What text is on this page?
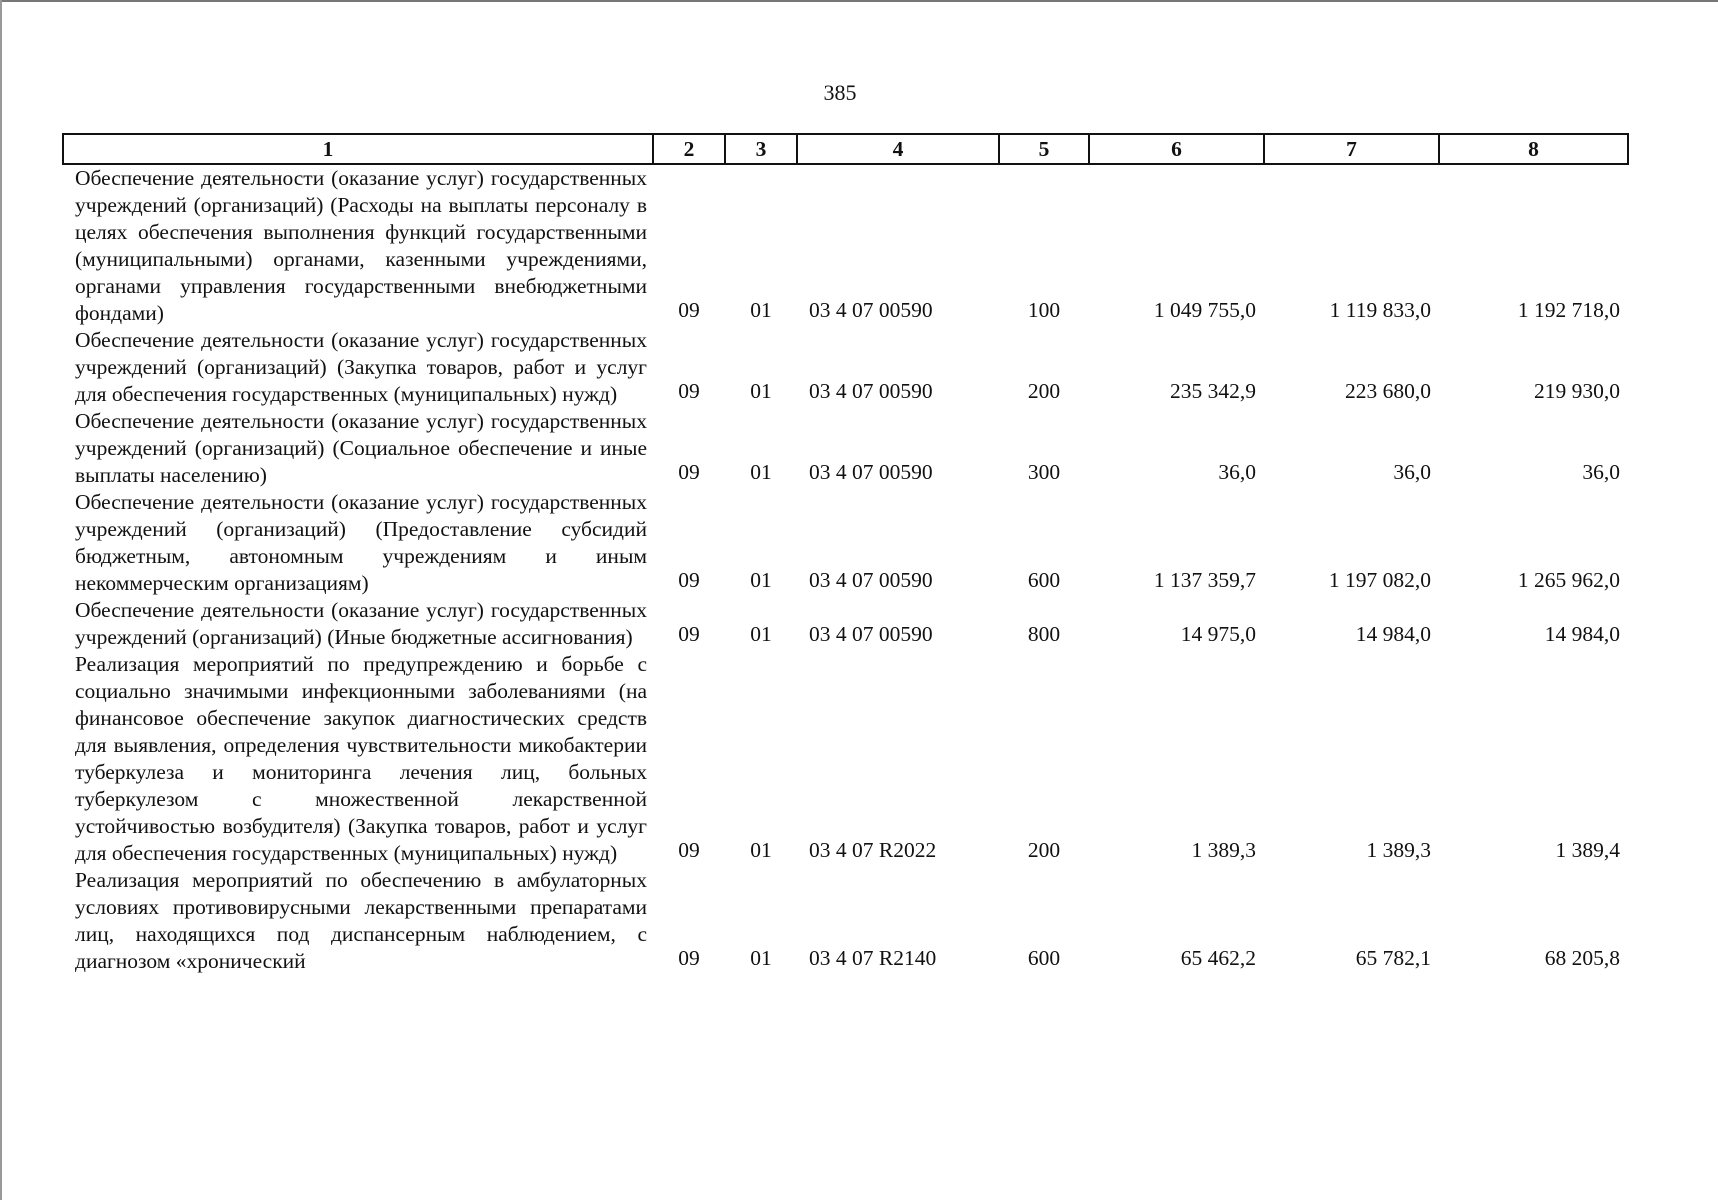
385
1	2	3	4	5	6	7	8
Обеспечение деятельности (оказание услуг) государственных учреждений (организаций) (Расходы на выплаты персоналу в целях обеспечения выполнения функций государственными (муниципальными) органами, казенными учреждениями, органами управления государственными внебюджетными фондами)	09	01	03 4 07 00590	100	1 049 755,0	1 119 833,0	1 192 718,0
Обеспечение деятельности (оказание услуг) государственных учреждений (организаций) (Закупка товаров, работ и услуг для обеспечения государственных (муниципальных) нужд)	09	01	03 4 07 00590	200	235 342,9	223 680,0	219 930,0
Обеспечение деятельности (оказание услуг) государственных учреждений (организаций) (Социальное обеспечение и иные выплаты населению)	09	01	03 4 07 00590	300	36,0	36,0	36,0
Обеспечение деятельности (оказание услуг) государственных учреждений (организаций) (Предоставление субсидий бюджетным, автономным учреждениям и иным некоммерческим организациям)	09	01	03 4 07 00590	600	1 137 359,7	1 197 082,0	1 265 962,0
Обеспечение деятельности (оказание услуг) государственных учреждений (организаций) (Иные бюджетные ассигнования)	09	01	03 4 07 00590	800	14 975,0	14 984,0	14 984,0
Реализация мероприятий по предупреждению и борьбе с социально значимыми инфекционными заболеваниями (на финансовое обеспечение закупок диагностических средств для выявления, определения чувствительности микобактерии туберкулеза и мониторинга лечения лиц, больных туберкулезом с множественной лекарственной устойчивостью возбудителя) (Закупка товаров, работ и услуг для обеспечения государственных (муниципальных) нужд)	09	01	03 4 07 R2022	200	1 389,3	1 389,3	1 389,4
Реализация мероприятий по обеспечению в амбулаторных условиях противовирусными лекарственными препаратами лиц, находящихся под диспансерным наблюдением, с диагнозом «хронический	09	01	03 4 07 R2140	600	65 462,2	65 782,1	68 205,8
